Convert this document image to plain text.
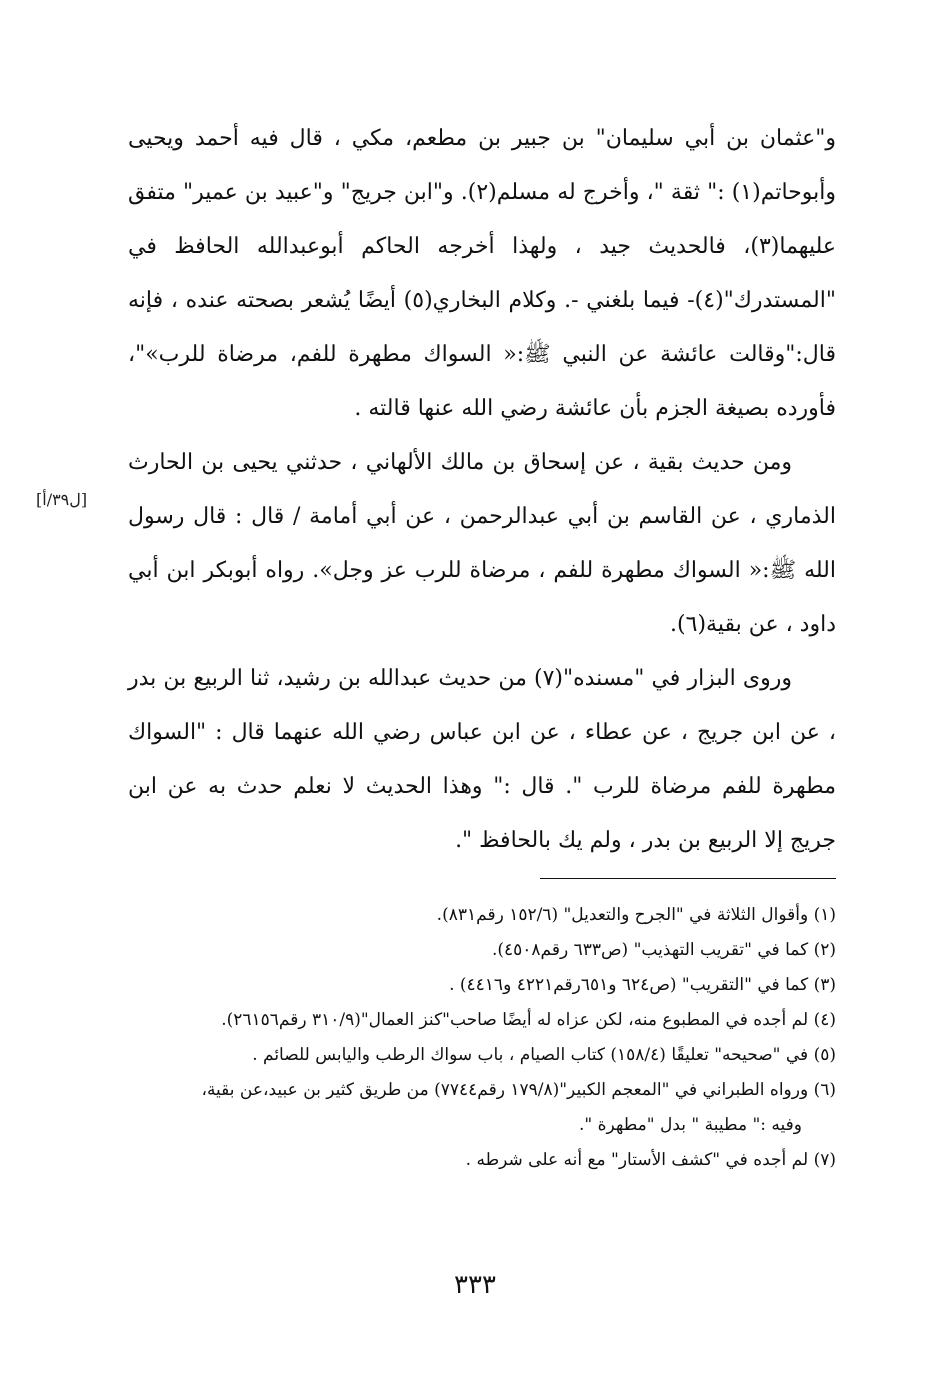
و"عثمان بن أبي سليمان" بن جبير بن مطعم، مكي ، قال فيه أحمد ويحيى وأبوحاتم(١) :" ثقة "، وأخرج له مسلم(٢). و"ابن جريج" و"عبيد بن عمير" متفق عليهما(٣)، فالحديث جيد ، ولهذا أخرجه الحاكم أبوعبدالله الحافظ في "المستدرك"(٤)- فيما بلغني -. وكلام البخاري(٥) أيضًا يُشعر بصحته عنده ، فإنه قال:"وقالت عائشة عن النبي ﷺ:« السواك مطهرة للفم، مرضاة للرب»"، فأورده بصيغة الجزم بأن عائشة رضي الله عنها قالته .

ومن حديث بقية ، عن إسحاق بن مالك الألهاني ، حدثني يحيى بن الحارث الذماري ، عن القاسم بن أبي عبدالرحمن ، عن أبي أمامة / قال : قال رسول الله ﷺ:« السواك مطهرة للفم ، مرضاة للرب عز وجل». رواه أبوبكر ابن أبي داود ، عن بقية(٦).

وروى البزار في "مسنده"(٧) من حديث عبدالله بن رشيد، ثنا الربيع بن بدر ، عن ابن جريج ، عن عطاء ، عن ابن عباس رضي الله عنهما قال : "السواك مطهرة للفم مرضاة للرب ". قال :" وهذا الحديث لا نعلم حدث به عن ابن جريج إلا الربيع بن بدر ، ولم يك بالحافظ ".

[ل٣٩/أ]

(١) وأقوال الثلاثة في "الجرح والتعديل" (١٥٢/٦ رقم٨٣١).

(٢) كما في "تقريب التهذيب" (ص٦٣٣ رقم٤٥٠٨).

(٣) كما في "التقريب" (ص٦٢٤ و٦٥١رقم٤٢٢١ و٤٤١٦) .

(٤) لم أجده في المطبوع منه، لكن عزاه له أيضًا صاحب"كنز العمال"(٣١٠/٩ رقم٢٦١٥٦).

(٥) في "صحيحه" تعليقًا (١٥٨/٤) كتاب الصيام ، باب سواك الرطب واليابس للصائم .

(٦) ورواه الطبراني في "المعجم الكبير"(١٧٩/٨ رقم٧٧٤٤) من طريق كثير بن عبيد،عن بقية،

وفيه :" مطيبة " بدل "مطهرة ".

(٧) لم أجده في "كشف الأستار" مع أنه على شرطه .

٣٣٣
